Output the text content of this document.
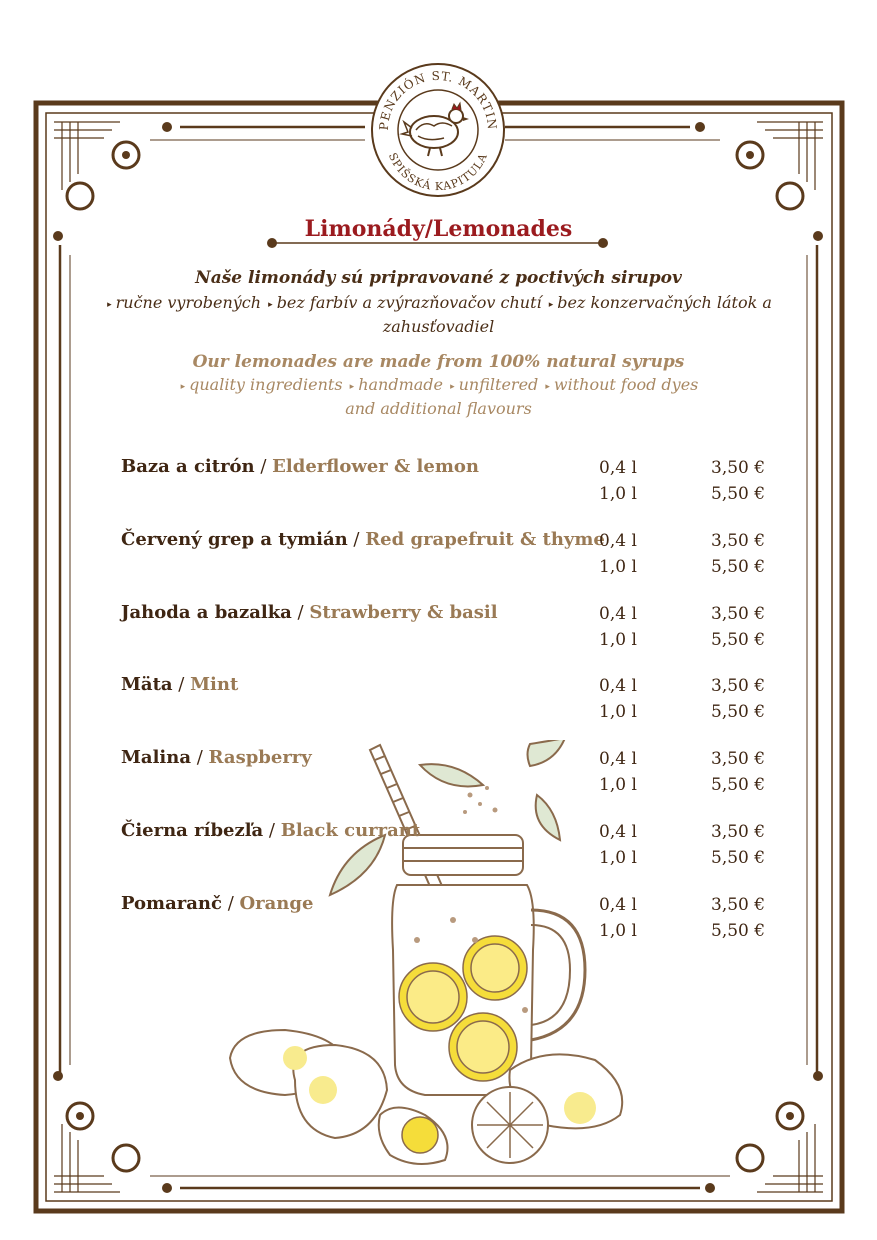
PENZIÓN ST. MARTIN
SPIŠSKÁ KAPITULA
Limonády/Lemonades
Naše limonády sú pripravované z poctivých sirupov
▸ ručne vyrobených ▸ bez farbív a zvýrazňovačov chutí ▸ bez konzervačných látok a
zahusťovadiel
Our lemonades are made from 100% natural syrups
▸ quality ingredients ▸ handmade ▸ unfiltered ▸ without food dyes
and additional flavours
Baza a citrón / Elderflower & lemon	0,4 l	3,50 €
1,0 l	5,50 €
Červený grep a tymián / Red grapefruit & thyme
0,4 l	3,50 €
1,0 l	5,50 €
Jahoda a bazalka / Strawberry & basil	0,4 l	3,50 €
1,0 l	5,50 €
Mäta / Mint	0,4 l	3,50 €
1,0 l	5,50 €
Malina / Raspberry	0,4 l	3,50 €
1,0 l	5,50 €
Čierna ríbezľa / Black currant	0,4 l	3,50 €
1,0 l	5,50 €
Pomaranč / Orange	0,4 l	3,50 €
1,0 l	5,50 €
